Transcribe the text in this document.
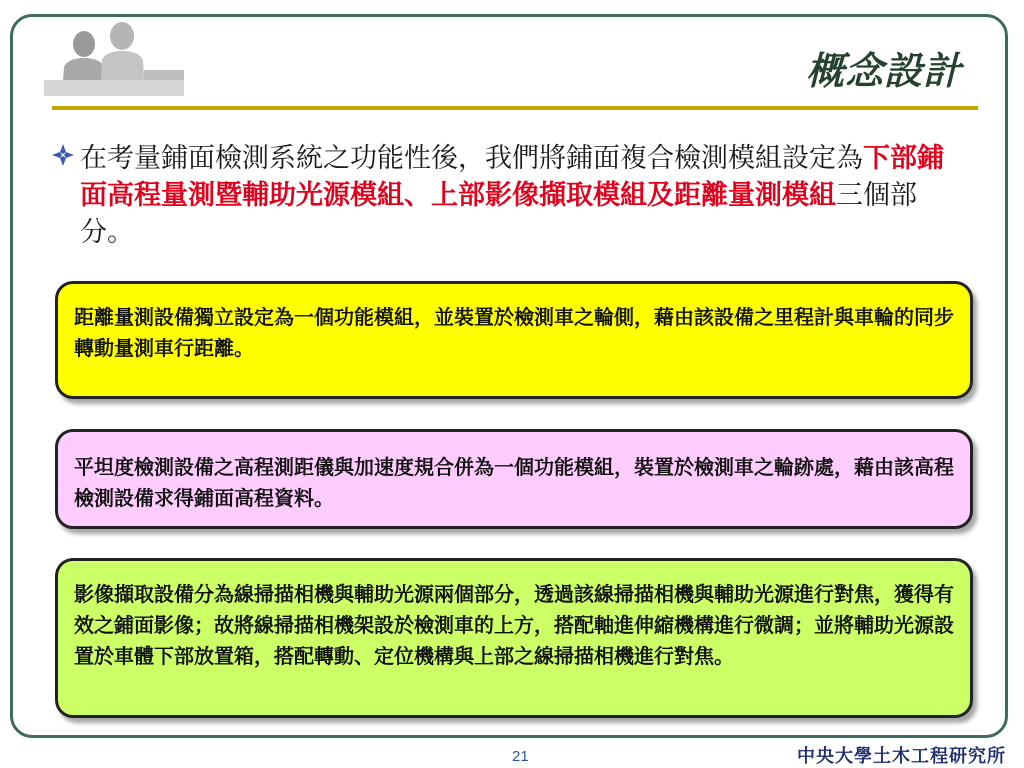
概念設計
在考量鋪面檢測系統之功能性後，我們將鋪面複合檢測模組設定為下部鋪面高程量測暨輔助光源模組、上部影像擷取模組及距離量測模組三個部分。
距離量測設備獨立設定為一個功能模組，並裝置於檢測車之輪側，藉由該設備之里程計與車輪的同步轉動量測車行距離。
平坦度檢測設備之高程測距儀與加速度規合併為一個功能模組，裝置於檢測車之輪跡處，藉由該高程檢測設備求得鋪面高程資料。
影像擷取設備分為線掃描相機與輔助光源兩個部分，透過該線掃描相機與輔助光源進行對焦，獲得有效之鋪面影像；故將線掃描相機架設於檢測車的上方，搭配軸進伸縮機構進行微調；並將輔助光源設置於車體下部放置箱，搭配轉動、定位機構與上部之線掃描相機進行對焦。
21	中央大學土木工程研究所
